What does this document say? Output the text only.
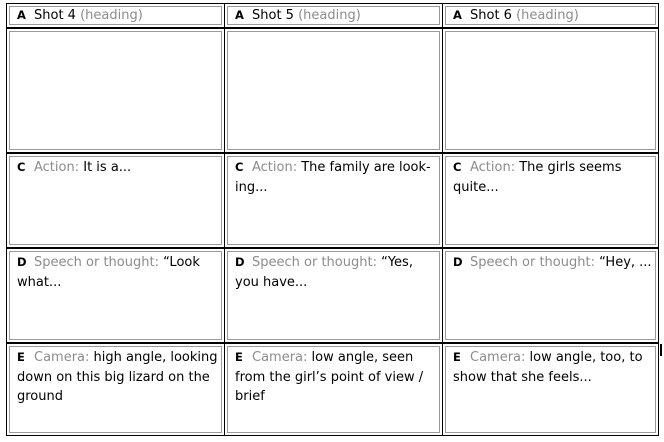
A Shot 4 (heading)
C Action: It is a...
D Speech or thought: “Look what...
E Camera: high angle, looking down on this big lizard on the ground
A Shot 5 (heading)
C Action: The family are look-ing...
D Speech or thought: “Yes, you have...
E Camera: low angle, seen from the girl’s point of view / brief
A Shot 6 (heading)
C Action: The girls seems quite...
D Speech or thought: “Hey, ...
E Camera: low angle, too, to show that she feels...
